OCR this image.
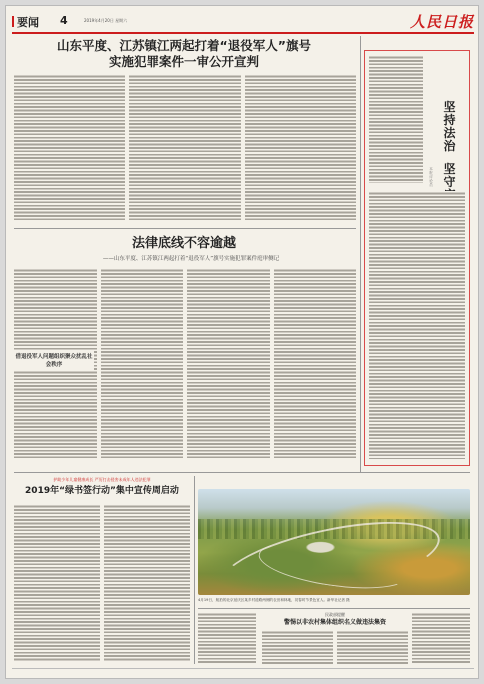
要闻 4	2019年4月20日 星期六	人民日报
山东平度、江苏镇江两起打着“退役军人”旗号
实施犯罪案件一审公开宣判
法律底线不容逾越
——山东平度、江苏镇江两起打着“退役军人”旗号实施犯罪案件庭审侧记
借退役军人问题组织聚众扰乱社会秩序
坚
持
法
治
坚
守
本报评论员
护助少年儿童健康成长 严厉打击侵害未成年人违法犯罪
2019年“绿书签行动”集中宣传周启动
4月19日，航拍的北京延庆区某乡村道路两侧的农田和林地，初春时节景色宜人。新华社记者 摄
民政部提醒
警惕以非农村集体组织名义做违法集资
